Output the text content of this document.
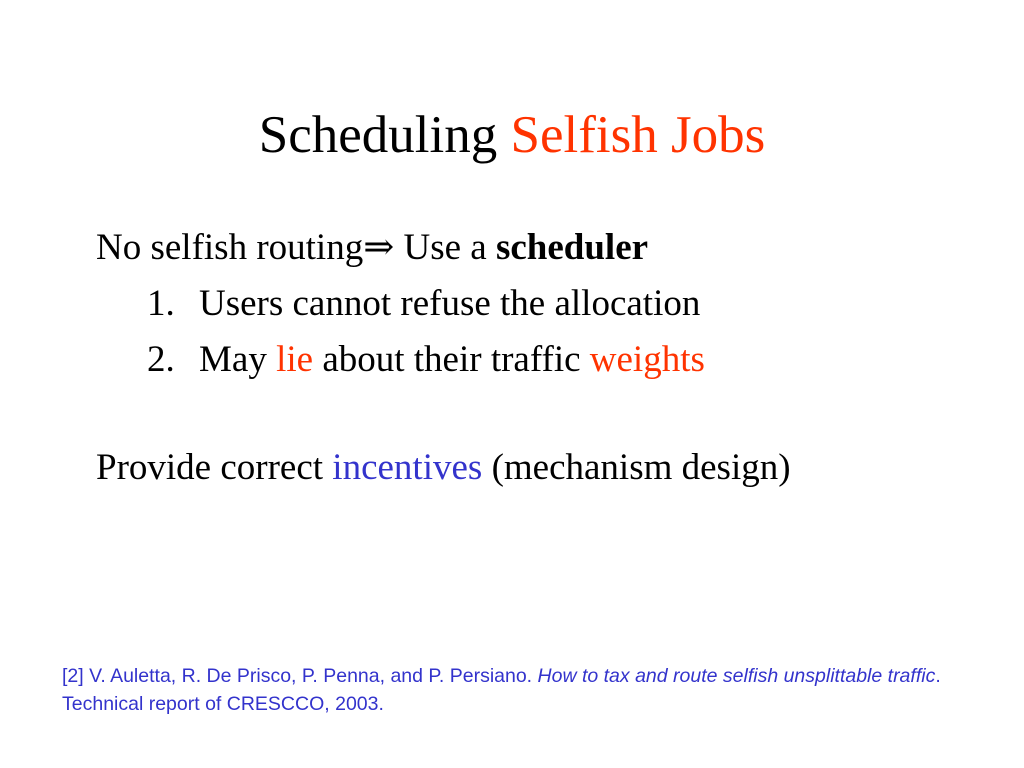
Scheduling Selfish Jobs
No selfish routing⇒ Use a scheduler
1. Users cannot refuse the allocation
2. May lie about their traffic weights
Provide correct incentives (mechanism design)
[2] V. Auletta, R. De Prisco, P. Penna, and P. Persiano. How to tax and route selfish unsplittable traffic. Technical report of CRESCCO, 2003.
